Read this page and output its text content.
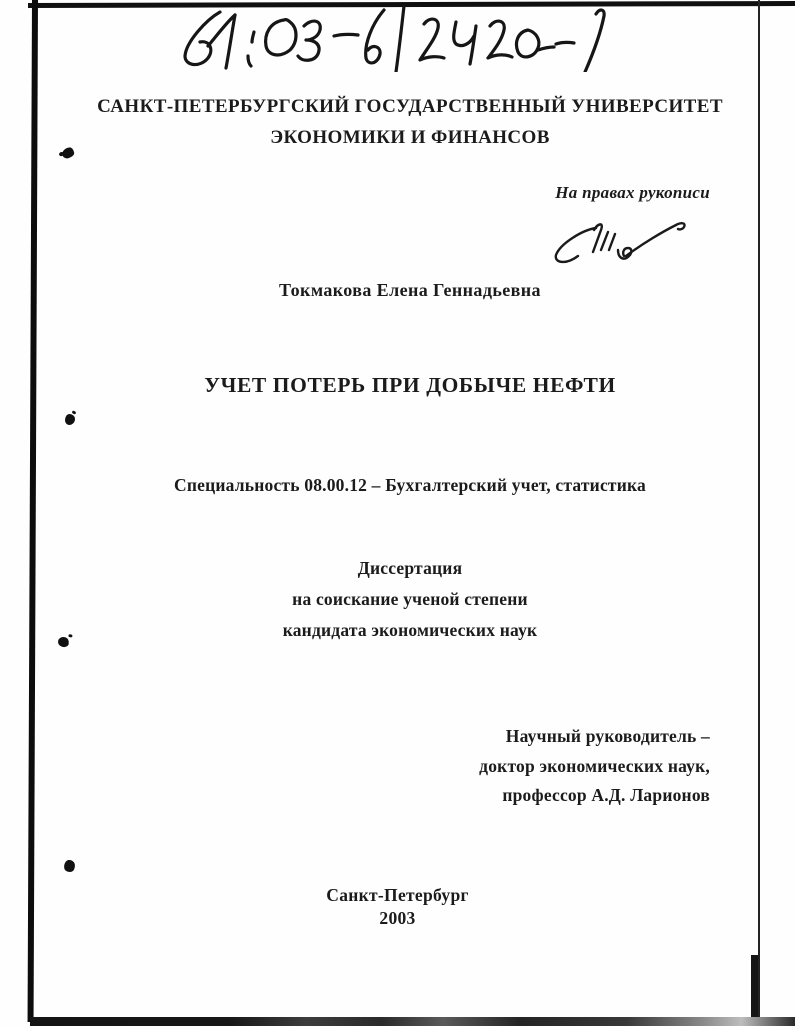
САНКТ-ПЕТЕРБУРГСКИЙ ГОСУДАРСТВЕННЫЙ УНИВЕРСИТЕТ
ЭКОНОМИКИ И ФИНАНСОВ
На правах рукописи
Токмакова Елена Геннадьевна
УЧЕТ ПОТЕРЬ ПРИ ДОБЫЧЕ НЕФТИ
Специальность 08.00.12 – Бухгалтерский учет, статистика
Диссертация
на соискание ученой степени
кандидата экономических наук
Научный руководитель –
доктор экономических наук,
профессор А.Д. Ларионов
Санкт-Петербург
2003
